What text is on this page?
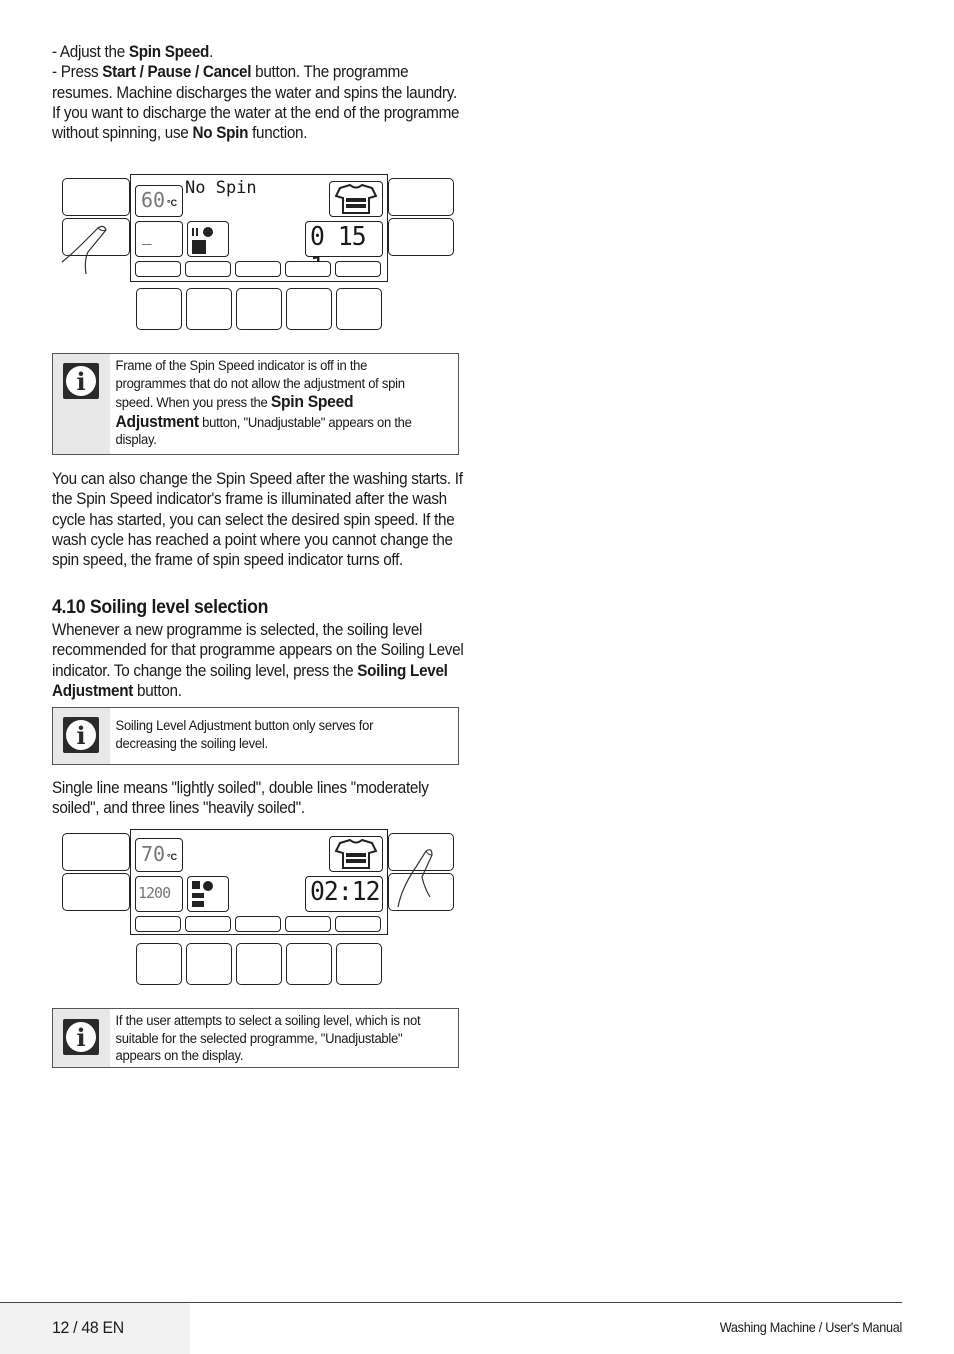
- Adjust the Spin Speed.
- Press Start / Pause / Cancel button. The programme resumes. Machine discharges the water and spins the laundry.
If you want to discharge the water at the end of the programme without spinning, use No Spin function.
60 °C
No Spin
_	0 15
i
Frame of the Spin Speed indicator is off in the programmes that do not allow the adjustment of spin speed. When you press the Spin Speed Adjustment button, "Unadjustable" appears on the display.
You can also change the Spin Speed after the washing starts. If the Spin Speed indicator's frame is illuminated after the wash cycle has started, you can select the desired spin speed. If the wash cycle has reached a point where you cannot change the spin speed, the frame of spin speed indicator turns off.
4.10 Soiling level selection
Whenever a new programme is selected, the soiling level recommended for that programme appears on the Soiling Level indicator. To change the soiling level, press the Soiling Level Adjustment button.
i	Soiling Level Adjustment button only serves for decreasing the soiling level.
Single line means "lightly soiled", double lines "moderately soiled", and three lines "heavily soiled".
70 °C
1200	02:12
i
If the user attempts to select a soiling level, which is not suitable for the selected programme, "Unadjustable" appears on the display.
12 / 48 EN	Washing Machine / User's Manual
